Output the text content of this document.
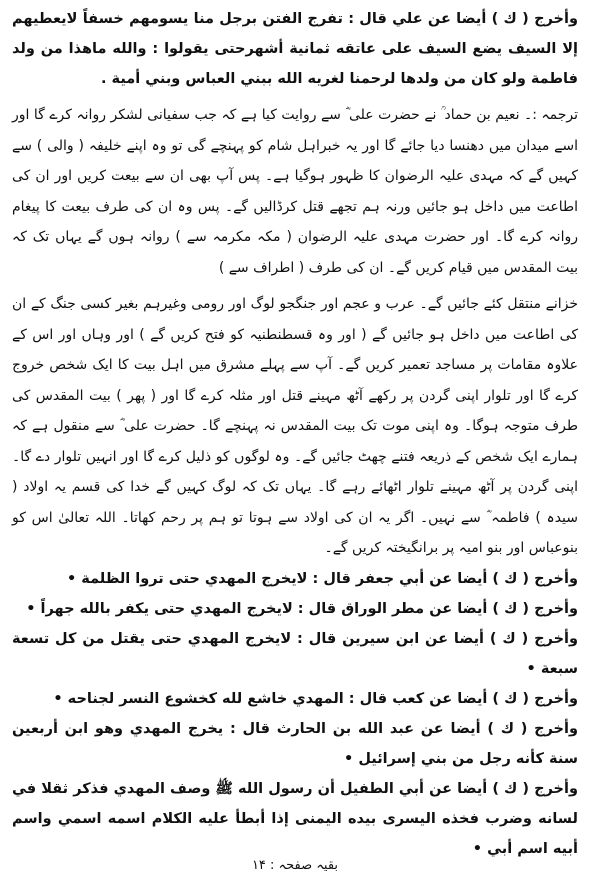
وأخرج ( ك ) أيضا عن علي قال : تفرج الفتن برجل منا يسومهم خسفاً لايعطيهم إلا السيف يضع السيف على عاتقه ثمانية أشهرحتى يقولوا : والله ماهذا من ولد فاطمة ولو كان من ولدها لرحمنا لغريه الله ببني العباس وبني أمية .

ترجمہ :۔ نعیم بن حماد ؒ نے حضرت علی ؓ سے روایت کیا ہے کہ جب سفیانی لشکر روانہ کرے گا اور اسے میدان میں دھنسا دیا جائے گا اور یہ خبراہل شام کو پہنچے گی تو وہ اپنے خلیفہ ( والی ) سے کہیں گے کہ مہدی علیہ الرضوان کا ظہور ہوگیا ہے۔ پس آپ بھی ان سے بیعت کریں اور ان کی اطاعت میں داخل ہو جائیں ورنہ ہم تجھے قتل کرڈالیں گے۔ پس وہ ان کی طرف بیعت کا پیغام روانہ کرے گا۔ اور حضرت مہدی علیہ الرضوان ( مکہ مکرمہ سے ) روانہ ہوں گے یہاں تک کہ بیت المقدس میں قیام کریں گے۔ ان کی طرف ( اطراف سے )

خزانے منتقل کئے جائیں گے۔ عرب و عجم اور جنگجو لوگ اور رومی وغیرہم بغیر کسی جنگ کے ان کی اطاعت میں داخل ہو جائیں گے ( اور وہ قسطنطنیہ کو فتح کریں گے ) اور وہاں اور اس کے علاوہ مقامات پر مساجد تعمیر کریں گے۔ آپ سے پہلے مشرق میں اہل بیت کا ایک شخص خروج کرے گا اور تلوار اپنی گردن پر رکھے آٹھ مہینے قتل اور مثلہ کرے گا اور ( پھر ) بیت المقدس کی طرف متوجہ ہوگا۔ وہ اپنی موت تک بیت المقدس نہ پہنچے گا۔ حضرت علی ؓ سے منقول ہے کہ ہمارے ایک شخص کے ذریعہ فتنے چھٹ جائیں گے۔ وہ لوگوں کو ذلیل کرے گا اور انہیں تلوار دے گا۔ اپنی گردن پر آٹھ مہینے تلوار اٹھائے رہے گا۔ یہاں تک کہ لوگ کہیں گے خدا کی قسم یہ اولاد ( سیدہ ) فاطمہ ؓ سے نہیں۔ اگر یہ ان کی اولاد سے ہوتا تو ہم پر رحم کھاتا۔ اللہ تعالیٰ اس کو بنوعباس اور بنو امیہ پر برانگیختہ کریں گے۔

وأخرج ( ك ) أيضا عن أبي جعفر قال : لايخرج المهدي حتى تروا الظلمة •
وأخرج ( ك ) أيضا عن مطر الوراق قال : لايخرج المهدي حتى يكفر بالله جهراً •
وأخرج ( ك ) أيضا عن ابن سيرين قال : لايخرج المهدي حتى يقتل من كل تسعة سبعة •
وأخرج ( ك ) أيضا عن كعب قال : المهدي خاشع لله كخشوع النسر لجناحه •
وأخرج ( ك ) أيضا عن عبد الله بن الحارث قال : يخرج المهدي وهو ابن أربعين سنة كأنه رجل من بني إسرائيل •
وأخرج ( ك ) أيضا عن أبي الطفيل أن رسول الله ﷺ وصف المهدي فذكر ثقلا في لسانه وضرب فخذه اليسرى بيده اليمنى إذا أبطأ عليه الكلام اسمه اسمي واسم أبيه اسم أبي •
بقیہ صفحہ : ۱۴
